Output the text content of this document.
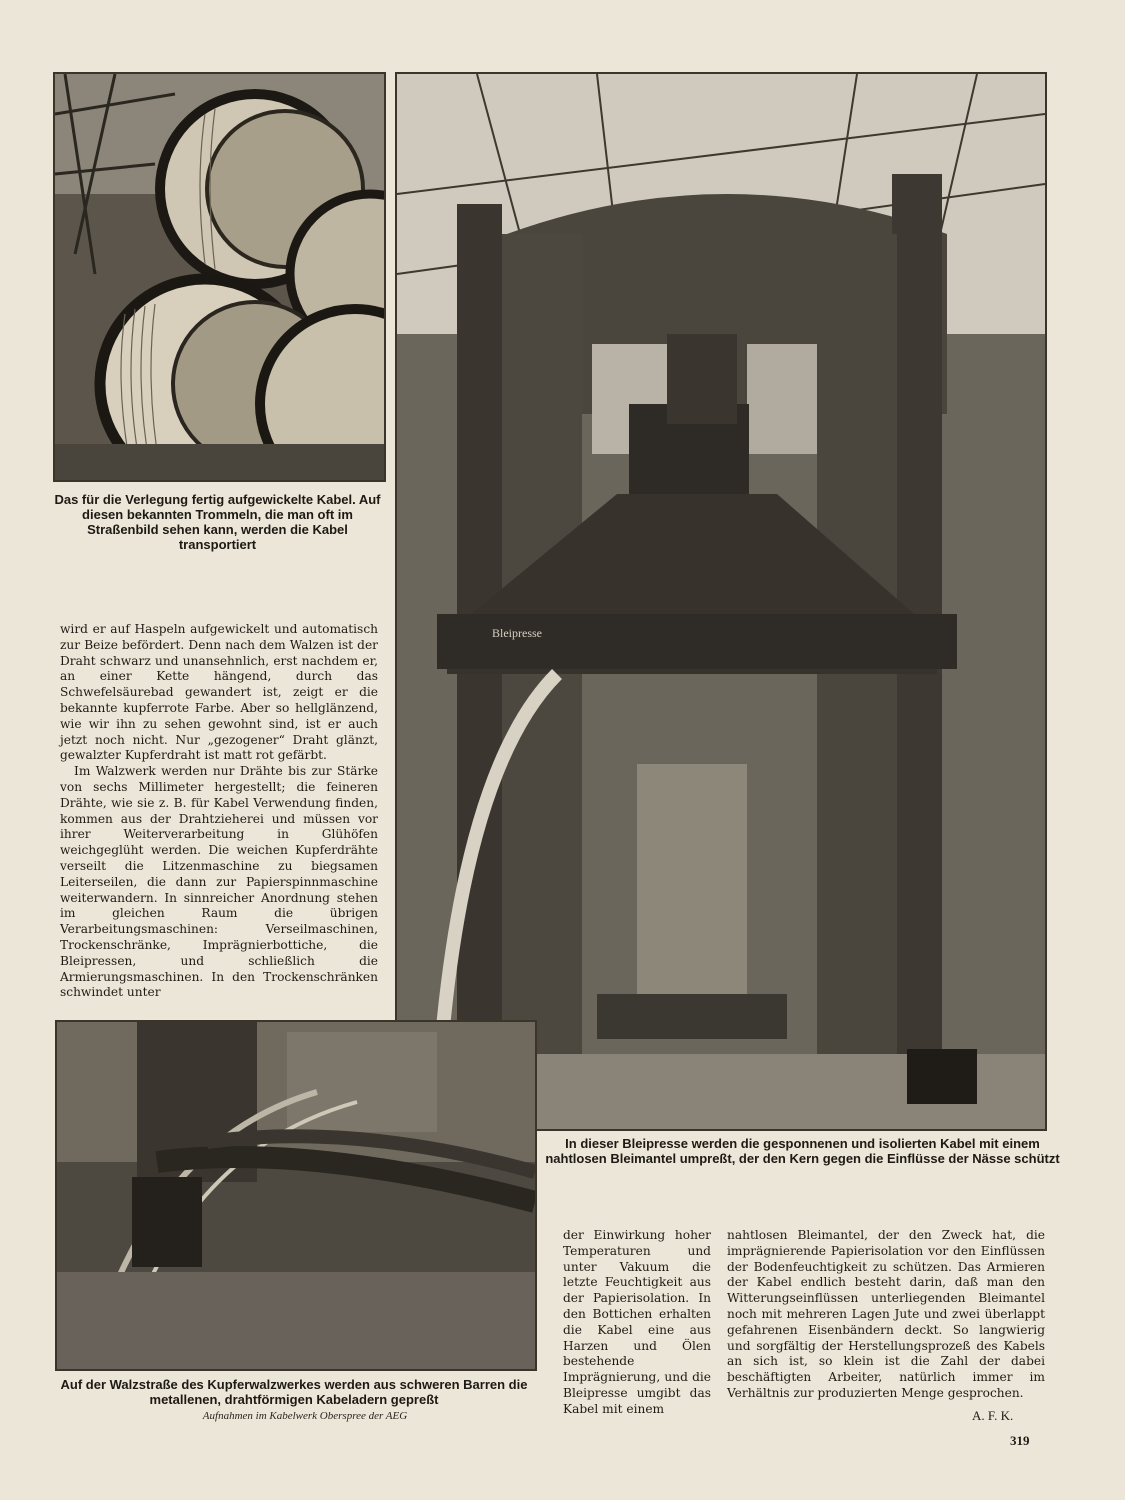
Das für die Verlegung fertig aufgewickelte Kabel. Auf diesen bekannten Trommeln, die man oft im Straßenbild sehen kann, werden die Kabel transportiert

wird er auf Haspeln aufgewickelt und automatisch zur Beize befördert. Denn nach dem Walzen ist der Draht schwarz und unansehnlich, erst nachdem er, an einer Kette hängend, durch das Schwefelsäurebad gewandert ist, zeigt er die bekannte kupferrote Farbe. Aber so hellglänzend, wie wir ihn zu sehen gewohnt sind, ist er auch jetzt noch nicht. Nur „gezogener“ Draht glänzt, gewalzter Kupferdraht ist matt rot gefärbt.

Im Walzwerk werden nur Drähte bis zur Stärke von sechs Millimeter hergestellt; die feineren Drähte, wie sie z. B. für Kabel Verwendung finden, kommen aus der Drahtzieherei und müssen vor ihrer Weiterverarbeitung in Glühöfen weichgeglüht werden. Die weichen Kupferdrähte verseilt die Litzenmaschine zu biegsamen Leiterseilen, die dann zur Papierspinnmaschine weiterwandern. In sinnreicher Anordnung stehen im gleichen Raum die übrigen Verarbeitungsmaschinen: Verseilmaschinen, Trockenschränke, Imprägnierbottiche, die Bleipressen, und schließlich die Armierungsmaschinen. In den Trockenschränken schwindet unter

Bleipresse
In dieser Bleipresse werden die gesponnenen und isolierten Kabel mit einem nahtlosen Bleimantel umpreßt, der den Kern gegen die Einflüsse der Nässe schützt
Auf der Walzstraße des Kupferwalzwerkes werden aus schweren Barren die metallenen, drahtförmigen Kabeladern gepreßt
Aufnahmen im Kabelwerk Oberspree der AEG

der Einwirkung hoher Temperaturen und unter Vakuum die letzte Feuchtigkeit aus der Papierisolation. In den Bottichen erhalten die Kabel eine aus Harzen und Ölen bestehende Imprägnierung, und die Bleipresse umgibt das Kabel mit einem

nahtlosen Bleimantel, der den Zweck hat, die imprägnierende Papierisolation vor den Einflüssen der Bodenfeuchtigkeit zu schützen. Das Armieren der Kabel endlich besteht darin, daß man den Witterungseinflüssen unterliegenden Bleimantel noch mit mehreren Lagen Jute und zwei überlappt gefahrenen Eisenbändern deckt. So langwierig und sorgfältig der Herstellungsprozeß des Kabels an sich ist, so klein ist die Zahl der dabei beschäftigten Arbeiter, natürlich immer im Verhältnis zur produzierten Menge gesprochen.

A. F. K.
319
